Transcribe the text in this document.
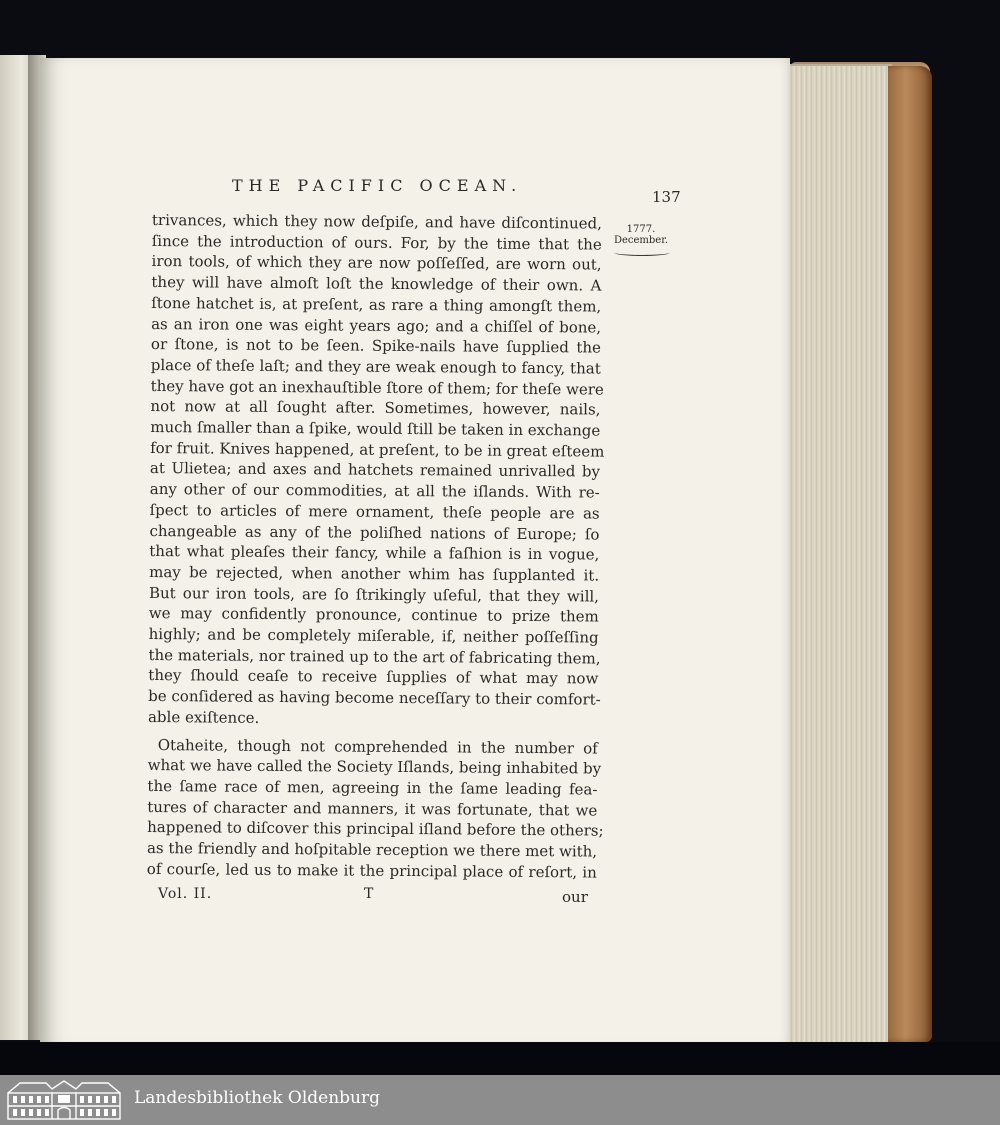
THE PACIFIC OCEAN.
137
1777.
December.
trivances, which they now deſpiſe, and have diſcontinued,
ſince the introduction of ours. For, by the time that the
iron tools, of which they are now poſſeſſed, are worn out,
they will have almoſt loſt the knowledge of their own. A
ſtone hatchet is, at preſent, as rare a thing amongſt them,
as an iron one was eight years ago; and a chiſſel of bone,
or ſtone, is not to be ſeen. Spike-nails have ſupplied the
place of theſe laſt; and they are weak enough to fancy, that
they have got an inexhauſtible ſtore of them; for theſe were
not now at all ſought after. Sometimes, however, nails,
much ſmaller than a ſpike, would ſtill be taken in exchange
for fruit. Knives happened, at preſent, to be in great eſteem
at Ulietea; and axes and hatchets remained unrivalled by
any other of our commodities, at all the iſlands. With re-
ſpect to articles of mere ornament, theſe people are as
changeable as any of the poliſhed nations of Europe; ſo
that what pleaſes their fancy, while a faſhion is in vogue,
may be rejected, when another whim has ſupplanted it.
But our iron tools, are ſo ſtrikingly uſeful, that they will,
we may confidently pronounce, continue to prize them
highly; and be completely miſerable, if, neither poſſeſſing
the materials, nor trained up to the art of fabricating them,
they ſhould ceaſe to receive ſupplies of what may now
be conſidered as having become neceſſary to their comfort-
able exiſtence.
Otaheite, though not comprehended in the number of
what we have called the Society Iſlands, being inhabited by
the ſame race of men, agreeing in the ſame leading fea-
tures of character and manners, it was fortunate, that we
happened to diſcover this principal iſland before the others;
as the friendly and hoſpitable reception we there met with,
of courſe, led us to make it the principal place of reſort, in
Vol. II.	T	our
Landesbibliothek Oldenburg
